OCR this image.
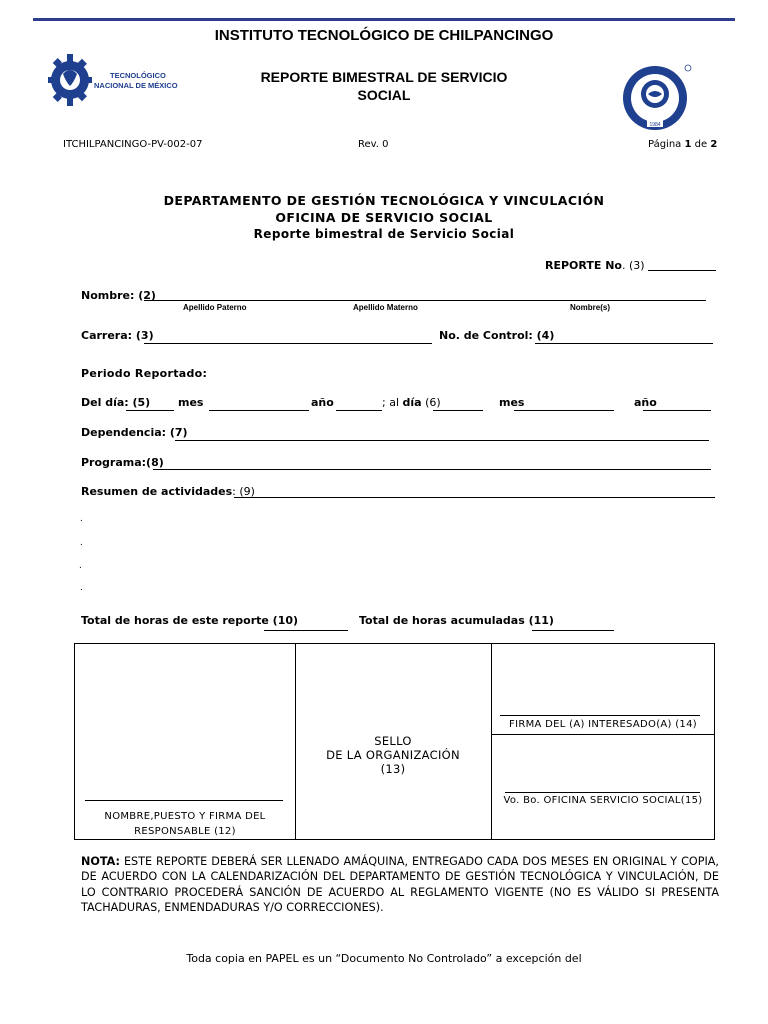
INSTITUTO TECNOLÓGICO DE CHILPANCINGO
TECNOLÓGICO
NACIONAL DE MÉXICO
REPORTE BIMESTRAL DE SERVICIO SOCIAL
1984
ITCHILPANCINGO-PV-002-07	Rev. 0	Página 1 de 2
DEPARTAMENTO DE GESTIÓN TECNOLÓGICA Y VINCULACIÓN
OFICINA DE SERVICIO SOCIAL
Reporte bimestral de Servicio Social
REPORTE No. (3)
Nombre: (2)
Apellido Paterno	Apellido Materno	Nombre(s)
Carrera: (3)	No. de Control: (4)
Periodo Reportado:
Del día: (5)	mes	año	; al día (6)	mes	año
Dependencia: (7)
Programa:(8)
Resumen de actividades: (9)
.
.
.
.
Total de horas de este reporte (10)	Total de horas acumuladas (11)
NOMBRE,PUESTO Y FIRMA DEL RESPONSABLE (12)
SELLO
DE LA ORGANIZACIÓN
(13)
FIRMA DEL (A) INTERESADO(A) (14)
Vo. Bo. OFICINA SERVICIO SOCIAL(15)
NOTA: ESTE REPORTE DEBERÁ SER LLENADO AMÁQUINA, ENTREGADO CADA DOS MESES EN ORIGINAL Y COPIA, DE ACUERDO CON LA CALENDARIZACIÓN DEL DEPARTAMENTO DE GESTIÓN TECNOLÓGICA Y VINCULACIÓN, DE LO CONTRARIO PROCEDERÁ SANCIÓN DE ACUERDO AL REGLAMENTO VIGENTE (NO ES VÁLIDO SI PRESENTA TACHADURAS, ENMENDADURAS Y/O CORRECCIONES).
Toda copia en PAPEL es un “Documento No Controlado” a excepción del
